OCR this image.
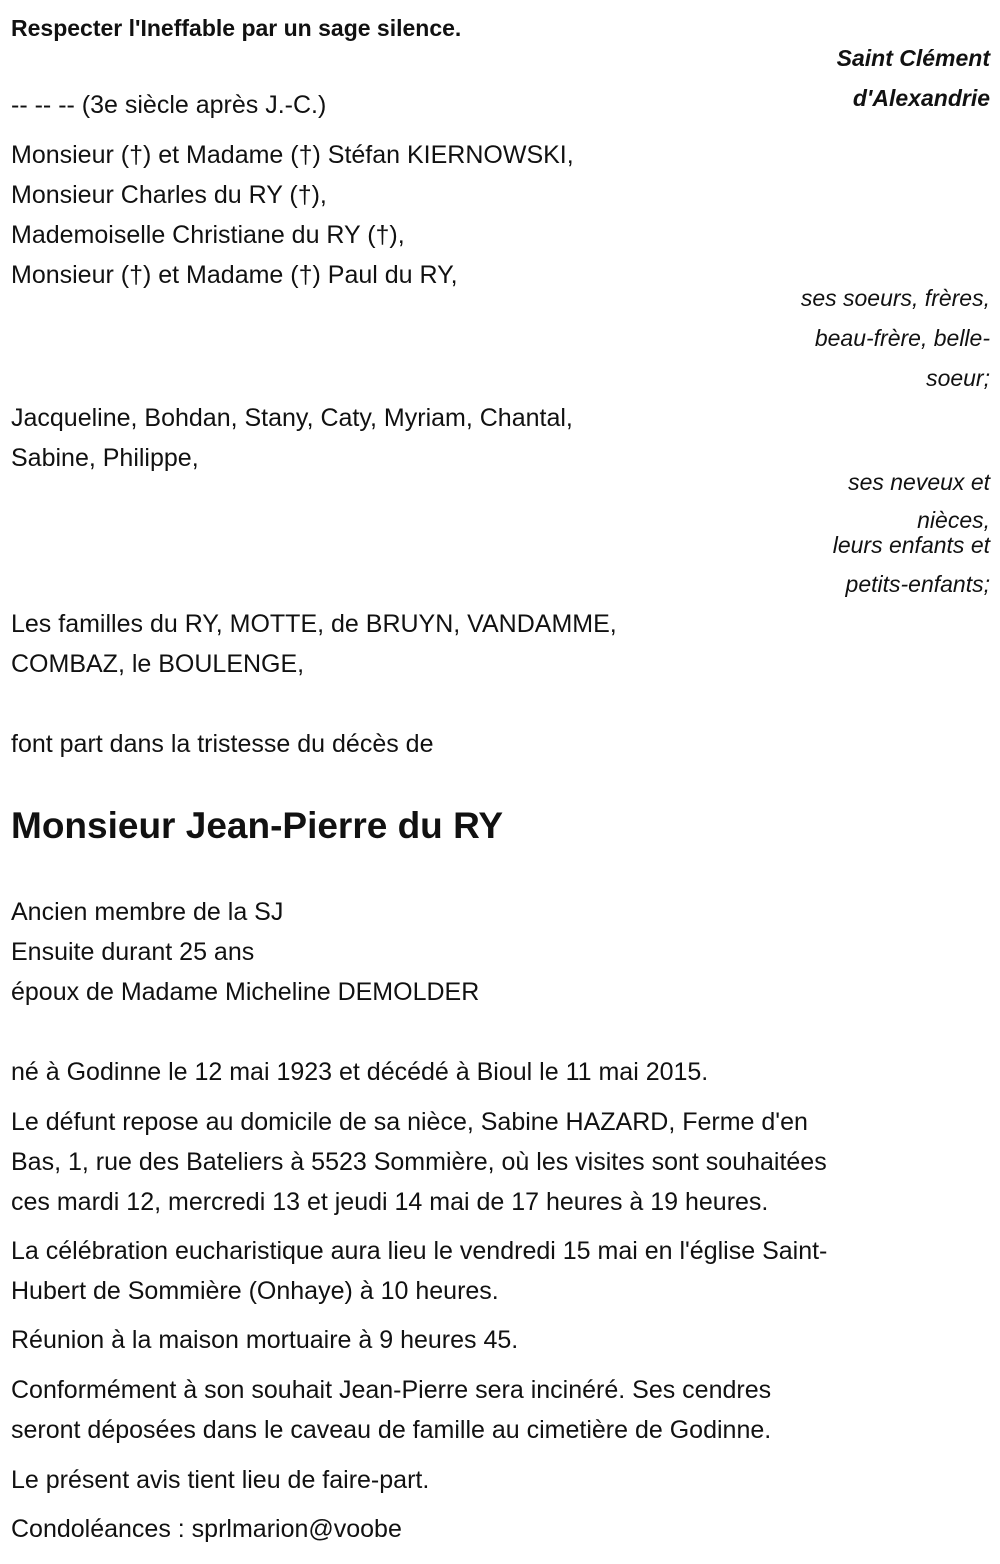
Respecter l'Ineffable par un sage silence.
Saint Clément
d'Alexandrie
-- -- -- (3e siècle après J.-C.)
Monsieur (†) et Madame (†) Stéfan KIERNOWSKI,
Monsieur Charles du RY (†),
Mademoiselle Christiane du RY (†),
Monsieur (†) et Madame (†) Paul du RY,
ses soeurs, frères,
beau-frère, belle-
soeur;
Jacqueline, Bohdan, Stany, Caty, Myriam, Chantal,
Sabine, Philippe,
ses neveux et
nièces,
leurs enfants et
petits-enfants;
Les familles du RY, MOTTE, de BRUYN, VANDAMME,
COMBAZ, le BOULENGE,
font part dans la tristesse du décès de
Monsieur Jean-Pierre du RY
Ancien membre de la SJ
Ensuite durant 25 ans
époux de Madame Micheline DEMOLDER
né à Godinne le 12 mai 1923 et décédé à Bioul le 11 mai 2015.
Le défunt repose au domicile de sa nièce, Sabine HAZARD, Ferme d'en
Bas, 1, rue des Bateliers à 5523 Sommière, où les visites sont souhaitées
ces mardi 12, mercredi 13 et jeudi 14 mai de 17 heures à 19 heures.
La célébration eucharistique aura lieu le vendredi 15 mai en l'église Saint-
Hubert de Sommière (Onhaye) à 10 heures.
Réunion à la maison mortuaire à 9 heures 45.
Conformément à son souhait Jean-Pierre sera incinéré. Ses cendres
seront déposées dans le caveau de famille au cimetière de Godinne.
Le présent avis tient lieu de faire-part.
Condoléances : sprlmarion@voobe
